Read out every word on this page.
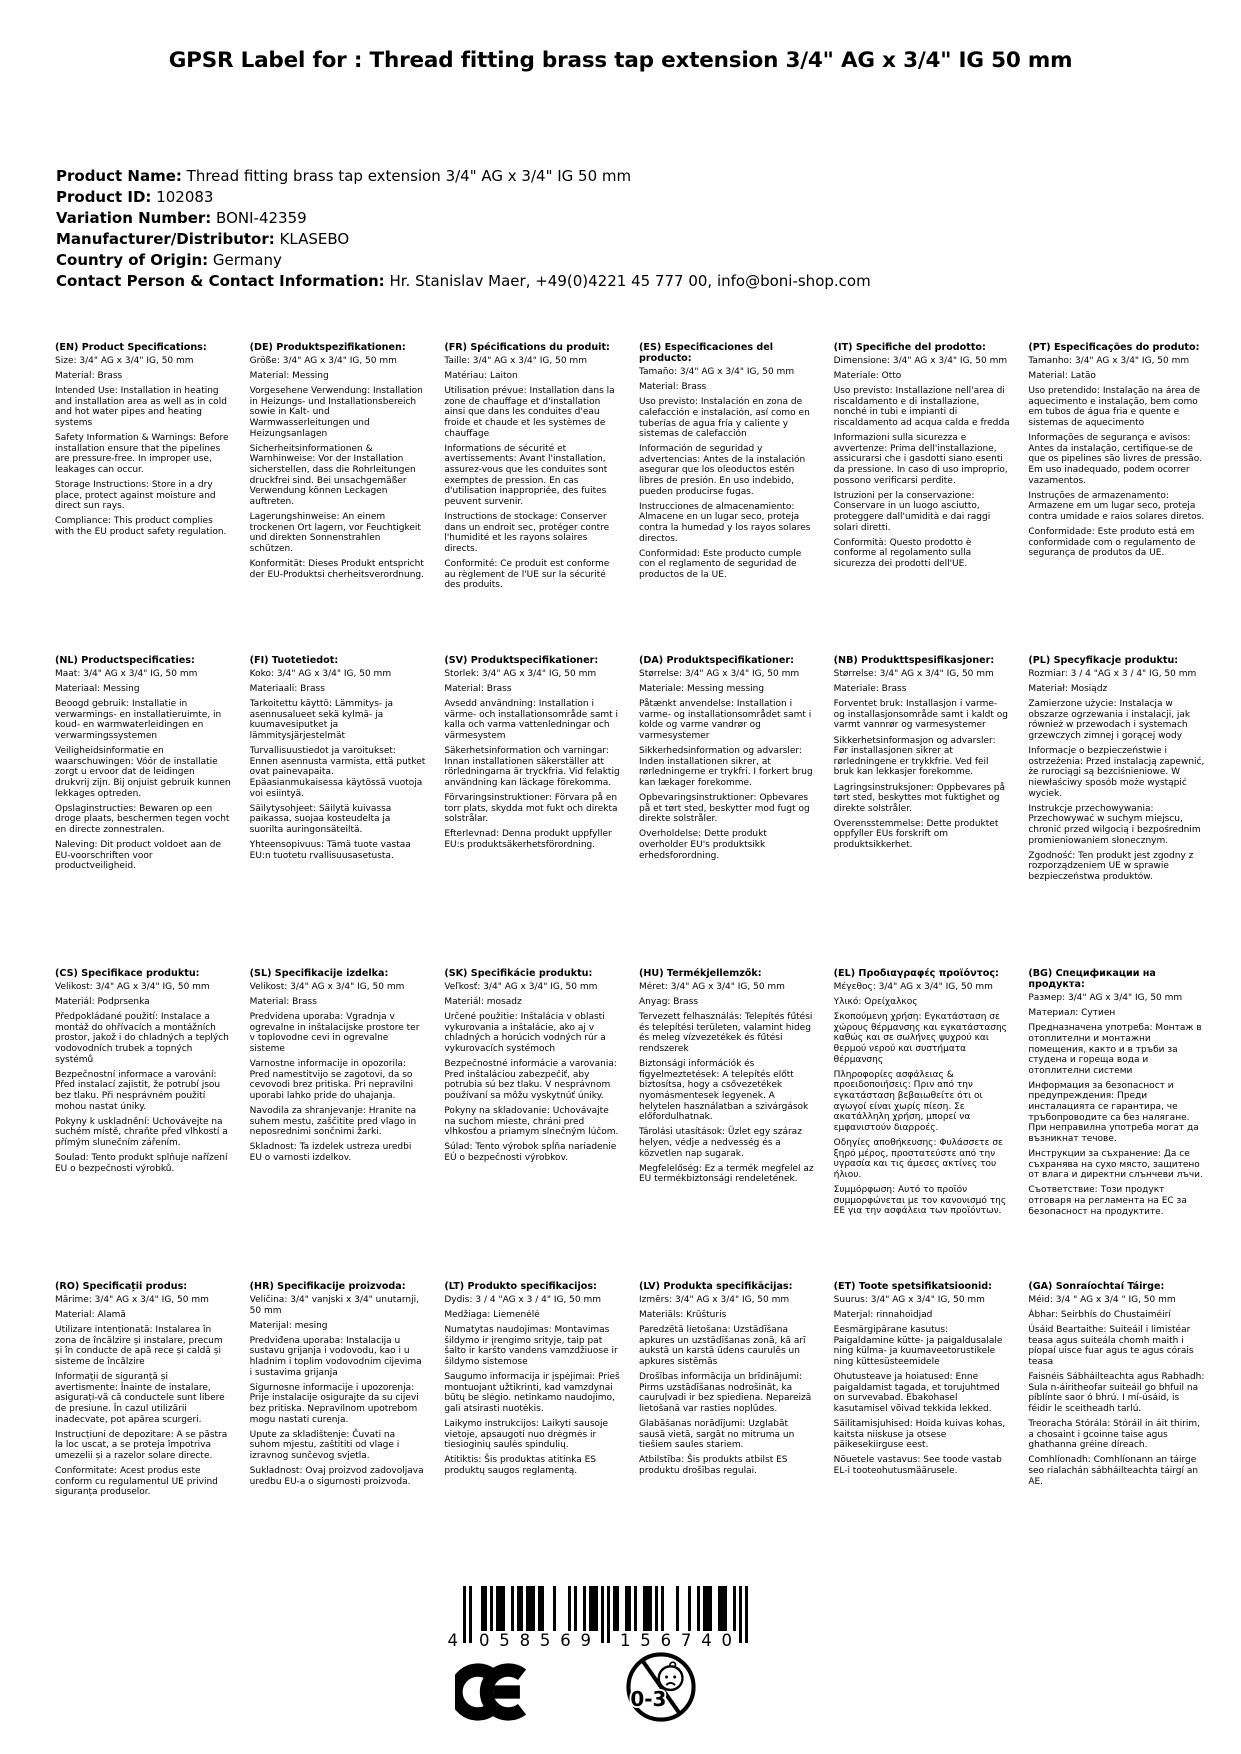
GPSR Label for : Thread fitting brass tap extension 3/4" AG x 3/4" IG 50 mm
Product Name: Thread fitting brass tap extension 3/4" AG x 3/4" IG 50 mm
Product ID: 102083
Variation Number: BONI-42359
Manufacturer/Distributor: KLASEBO
Country of Origin: Germany
Contact Person & Contact Information: Hr. Stanislav Maer, +49(0)4221 45 777 00, info@boni-shop.com
(EN) Product Specifications:

Size: 3/4" AG x 3/4" IG, 50 mm

Material: Brass

Intended Use: Installation in heating and installation area as well as in cold and hot water pipes and heating systems

Safety Information & Warnings: Before installation ensure that the pipelines are pressure-free. In improper use, leakages can occur.

Storage Instructions: Store in a dry place, protect against moisture and direct sun rays.

Compliance: This product complies with the EU product safety regulation.

(DE) Produktspezifikationen:

Größe: 3/4" AG x 3/4" IG, 50 mm

Material: Messing

Vorgesehene Verwendung: Installation in Heizungs- und Installationsbereich sowie in Kalt- und Warmwasserleitungen und Heizungsanlagen

Sicherheitsinformationen & Warnhinweise: Vor der Installation sicherstellen, dass die Rohrleitungen druckfrei sind. Bei unsachgemäßer Verwendung können Leckagen auftreten.

Lagerungshinweise: An einem trockenen Ort lagern, vor Feuchtigkeit und direkten Sonnenstrahlen schützen.

Konformität: Dieses Produkt entspricht der EU-Produktsi cherheitsverordnung.

(FR) Spécifications du produit:

Taille: 3/4" AG x 3/4" IG, 50 mm

Matériau: Laiton

Utilisation prévue: Installation dans la zone de chauffage et d'installation ainsi que dans les conduites d'eau froide et chaude et les systèmes de chauffage

Informations de sécurité et avertissements: Avant l'installation, assurez-vous que les conduites sont exemptes de pression. En cas d'utilisation inappropriée, des fuites peuvent survenir.

Instructions de stockage: Conserver dans un endroit sec, protéger contre l'humidité et les rayons solaires directs.

Conformité: Ce produit est conforme au règlement de l'UE sur la sécurité des produits.

(ES) Especificaciones del producto:

Tamaño: 3/4" AG x 3/4" IG, 50 mm

Material: Brass

Uso previsto: Instalación en zona de calefacción e instalación, así como en tuberías de agua fría y caliente y sistemas de calefacción

Información de seguridad y advertencias: Antes de la instalación asegurar que los oleoductos estén libres de presión. En uso indebido, pueden producirse fugas.

Instrucciones de almacenamiento: Almacene en un lugar seco, proteja contra la humedad y los rayos solares directos.

Conformidad: Este producto cumple con el reglamento de seguridad de productos de la UE.

(IT) Specifiche del prodotto:

Dimensione: 3/4" AG x 3/4" IG, 50 mm

Materiale: Otto

Uso previsto: Installazione nell'area di riscaldamento e di installazione, nonché in tubi e impianti di riscaldamento ad acqua calda e fredda

Informazioni sulla sicurezza e avvertenze: Prima dell'installazione, assicurarsi che i gasdotti siano esenti da pressione. In caso di uso improprio, possono verificarsi perdite.

Istruzioni per la conservazione: Conservare in un luogo asciutto, proteggere dall'umidità e dai raggi solari diretti.

Conformità: Questo prodotto è conforme al regolamento sulla sicurezza dei prodotti dell'UE.

(PT) Especificações do produto:

Tamanho: 3/4" AG x 3/4" IG, 50 mm

Material: Latão

Uso pretendido: Instalação na área de aquecimento e instalação, bem como em tubos de água fria e quente e sistemas de aquecimento

Informações de segurança e avisos: Antes da instalação, certifique-se de que os pipelines são livres de pressão. Em uso inadequado, podem ocorrer vazamentos.

Instruções de armazenamento: Armazene em um lugar seco, proteja contra umidade e raios solares diretos.

Conformidade: Este produto está em conformidade com o regulamento de segurança de produtos da UE.

(NL) Productspecificaties:

Maat: 3/4" AG x 3/4" IG, 50 mm

Materiaal: Messing

Beoogd gebruik: Installatie in verwarmings- en installatieruimte, in koud- en warmwaterleidingen en verwarmingssystemen

Veiligheidsinformatie en waarschuwingen: Vóór de installatie zorgt u ervoor dat de leidingen drukvrij zijn. Bij onjuist gebruik kunnen lekkages optreden.

Opslaginstructies: Bewaren op een droge plaats, beschermen tegen vocht en directe zonnestralen.

Naleving: Dit product voldoet aan de EU-voorschriften voor productveiligheid.

(FI) Tuotetiedot:

Koko: 3/4" AG x 3/4" IG, 50 mm

Materiaali: Brass

Tarkoitettu käyttö: Lämmitys- ja asennusalueet sekä kylmä- ja kuumavesiputket ja lämmitysjärjestelmät

Turvallisuustiedot ja varoitukset: Ennen asennusta varmista, että putket ovat painevapaita. Epäasianmukaisessa käytössä vuotoja voi esiintyä.

Säilytysohjeet: Säilytä kuivassa paikassa, suojaa kosteudelta ja suorilta auringonsäteiltä.

Yhteensopivuus: Tämä tuote vastaa EU:n tuotetu rvallisuusasetusta.

(SV) Produktspecifikationer:

Storlek: 3/4" AG x 3/4" IG, 50 mm

Material: Brass

Avsedd användning: Installation i värme- och installationsområde samt i kalla och varma vattenledningar och värmesystem

Säkerhetsinformation och varningar: Innan installationen säkerställer att rörledningarna är tryckfria. Vid felaktig användning kan läckage förekomma.

Förvaringsinstruktioner: Förvara på en torr plats, skydda mot fukt och direkta solstrålar.

Efterlevnad: Denna produkt uppfyller EU:s produktsäkerhetsförordning.

(DA) Produktspecifikationer:

Størrelse: 3/4" AG x 3/4" IG, 50 mm

Materiale: Messing messing

Påtænkt anvendelse: Installation i varme- og installationsområdet samt i kolde og varme vandrør og varmesystemer

Sikkerhedsinformation og advarsler: Inden installationen sikrer, at rørledningerne er trykfri. I forkert brug kan lækager forekomme.

Opbevaringsinstruktioner: Opbevares på et tørt sted, beskytter mod fugt og direkte solstråler.

Overholdelse: Dette produkt overholder EU's produktsikk erhedsforordning.

(NB) Produkttspesifikasjoner:

Størrelse: 3/4" AG x 3/4" IG, 50 mm

Materiale: Brass

Forventet bruk: Installasjon i varme- og installasjonsområde samt i kaldt og varmt vannrør og varmesystemer

Sikkerhetsinformasjon og advarsler: Før installasjonen sikrer at rørledningene er trykkfrie. Ved feil bruk kan lekkasjer forekomme.

Lagringsinstruksjoner: Oppbevares på tørt sted, beskyttes mot fuktighet og direkte solstråler.

Overensstemmelse: Dette produktet oppfyller EUs forskrift om produktsikkerhet.

(PL) Specyfikacje produktu:

Rozmiar: 3 / 4 "AG x 3 / 4" IG, 50 mm

Materiał: Mosiądz

Zamierzone użycie: Instalacja w obszarze ogrzewania i instalacji, jak również w przewodach i systemach grzewczych zimnej i gorącej wody

Informacje o bezpieczeństwie i ostrzeżenia: Przed instalacją zapewnić, że rurociągi są bezciśnieniowe. W niewłaściwy sposób może wystąpić wyciek.

Instrukcje przechowywania: Przechowywać w suchym miejscu, chronić przed wilgocią i bezpośrednim promieniowaniem słonecznym.

Zgodność: Ten produkt jest zgodny z rozporządzeniem UE w sprawie bezpieczeństwa produktów.

(CS) Specifikace produktu:

Velikost: 3/4" AG x 3/4" IG, 50 mm

Materiál: Podprsenka

Předpokládané použití: Instalace a montáž do ohřívacích a montážních prostor, jakož i do chladných a teplých vodovodních trubek a topných systémů

Bezpečnostní informace a varování: Před instalací zajistit, že potrubí jsou bez tlaku. Při nesprávném použití mohou nastat úniky.

Pokyny k uskladnění: Uchovávejte na suchém místě, chraňte před vlhkostí a přímým slunečním zářením.

Soulad: Tento produkt splňuje nařízení EU o bezpečnosti výrobků.

(SL) Specifikacije izdelka:

Velikost: 3/4" AG x 3/4" IG, 50 mm

Material: Brass

Predvidena uporaba: Vgradnja v ogrevalne in inštalacijske prostore ter v toplovodne cevi in ogrevalne sisteme

Varnostne informacije in opozorila: Pred namestitvijo se zagotovi, da so cevovodi brez pritiska. Pri nepravilni uporabi lahko pride do uhajanja.

Navodila za shranjevanje: Hranite na suhem mestu, zaščitite pred vlago in neposrednimi sončnimi žarki.

Skladnost: Ta izdelek ustreza uredbi EU o varnosti izdelkov.

(SK) Špecifikácie produktu:

Veľkosť: 3/4" AG x 3/4" IG, 50 mm

Materiál: mosadz

Určené použitie: Inštalácia v oblasti vykurovania a inštalácie, ako aj v chladných a horúcich vodných rúr a vykurovacích systémoch

Bezpečnostné informácie a varovania: Pred inštaláciou zabezpečiť, aby potrubia sú bez tlaku. V nesprávnom používaní sa môžu vyskytnúť úniky.

Pokyny na skladovanie: Uchovávajte na suchom mieste, chráni pred vlhkosťou a priamym slnečným lúčom.

Súlad: Tento výrobok spĺňa nariadenie EÚ o bezpečnosti výrobkov.

(HU) Termékjellemzők:

Méret: 3/4" AG x 3/4" IG, 50 mm

Anyag: Brass

Tervezett felhasználás: Telepítés fűtési és telepítési területen, valamint hideg és meleg vízvezetékek és fűtési rendszerek

Biztonsági információk és figyelmeztetések: A telepítés előtt biztosítsa, hogy a csővezetékek nyomásmentesek legyenek. A helytelen használatban a szivárgások előfordulhatnak.

Tárolási utasítások: Üzlet egy száraz helyen, védje a nedvesség és a közvetlen nap sugarak.

Megfelelőség: Ez a termék megfelel az EU termékbiztonsági rendeletének.

(EL) Προδιαγραφές προϊόντος:

Μέγεθος: 3/4" AG x 3/4" IG, 50 mm

Υλικό: Ορείχαλκος

Σκοπούμενη χρήση: Εγκατάσταση σε χώρους θέρμανσης και εγκατάστασης καθώς και σε σωλήνες ψυχρού και θερμού νερού και συστήματα θέρμανσης

Πληροφορίες ασφάλειας & προειδοποιήσεις: Πριν από την εγκατάσταση βεβαιωθείτε ότι οι αγωγοί είναι χωρίς πίεση. Σε ακατάλληλη χρήση, μπορεί να εμφανιστούν διαρροές.

Οδηγίες αποθήκευσης: Φυλάσσετε σε ξηρό μέρος, προστατεύστε από την υγρασία και τις άμεσες ακτίνες του ήλιου.

Συμμόρφωση: Αυτό το προϊόν συμμορφώνεται με τον κανονισμό της ΕΕ για την ασφάλεια των προϊόντων.

(BG) Спецификации на продукта:

Размер: 3/4" AG x 3/4" IG, 50 mm

Материал: Сутиен

Предназначена употреба: Монтаж в отоплителни и монтажни помещения, както и в тръби за студена и гореща вода и отоплителни системи

Информация за безопасност и предупреждения: Преди инсталацията се гарантира, че тръбопроводите са без налягане. При неправилна употреба могат да възникнат течове.

Инструкции за съхранение: Да се съхранява на сухо място, защитено от влага и директни слънчеви лъчи.

Съответствие: Този продукт отговаря на регламента на ЕС за безопасност на продуктите.

(RO) Specificații produs:

Mărime: 3/4" AG x 3/4" IG, 50 mm

Material: Alamă

Utilizare intenționată: Instalarea în zona de încălzire și instalare, precum și în conducte de apă rece și caldă și sisteme de încălzire

Informații de siguranță și avertismente: Înainte de instalare, asigurați-vă că conductele sunt libere de presiune. În cazul utilizării inadecvate, pot apărea scurgeri.

Instrucțiuni de depozitare: A se păstra la loc uscat, a se proteja împotriva umezelii și a razelor solare directe.

Conformitate: Acest produs este conform cu regulamentul UE privind siguranța produselor.

(HR) Specifikacije proizvoda:

Veličina: 3/4" vanjski x 3/4" unutarnji, 50 mm

Materijal: mesing

Predviđena uporaba: Instalacija u sustavu grijanja i vodovodu, kao i u hladnim i toplim vodovodnim cijevima i sustavima grijanja

Sigurnosne informacije i upozorenja: Prije instalacije osigurajte da su cijevi bez pritiska. Nepravilnom upotrebom mogu nastati curenja.

Upute za skladištenje: Čuvati na suhom mjestu, zaštititi od vlage i izravnog sunčevog svjetla.

Sukladnost: Ovaj proizvod zadovoljava uredbu EU-a o sigurnosti proizvoda.

(LT) Produkto specifikacijos:

Dydis: 3 / 4 "AG x 3 / 4" IG, 50 mm

Medžiaga: Liemenėlė

Numatytas naudojimas: Montavimas šildymo ir įrengimo srityje, taip pat šalto ir karšto vandens vamzdžiuose ir šildymo sistemose

Saugumo informacija ir įspėjimai: Prieš montuojant užtikrinti, kad vamzdynai būtų be slėgio. netinkamo naudojimo, gali atsirasti nuotėkis.

Laikymo instrukcijos: Laikyti sausoje vietoje, apsaugoti nuo drėgmės ir tiesioginių saulės spindulių.

Atitiktis: Šis produktas atitinka ES produktų saugos reglamentą.

(LV) Produkta specifikācijas:

Izmērs: 3/4" AG x 3/4" IG, 50 mm

Materiāls: Krūšturis

Paredzētā lietošana: Uzstādīšana apkures un uzstādīšanas zonā, kā arī aukstā un karstā ūdens caurulēs un apkures sistēmās

Drošības informācija un brīdinājumi: Pirms uzstādīšanas nodrošināt, ka cauruļvadi ir bez spiediena. Nepareizā lietošanā var rasties noplūdes.

Glabāšanas norādījumi: Uzglabāt sausā vietā, sargāt no mitruma un tiešiem saules stariem.

Atbilstība: Šis produkts atbilst ES produktu drošības regulai.

(ET) Toote spetsifikatsioonid:

Suurus: 3/4" AG x 3/4" IG, 50 mm

Materjal: rinnahoidjad

Eesmärgipärane kasutus: Paigaldamine kütte- ja paigaldusalale ning külma- ja kuumaveetorustikele ning küttesüsteemidele

Ohutusteave ja hoiatused: Enne paigaldamist tagada, et torujuhtmed on survevabad. Ebakohasel kasutamisel võivad tekkida lekked.

Säilitamisjuhised: Hoida kuivas kohas, kaitsta niiskuse ja otsese päikesekiirguse eest.

Nõuetele vastavus: See toode vastab EL-i tooteohutusmäärusele.

(GA) Sonraíochtaí Táirge:

Méid: 3/4 " AG x 3/4 " IG, 50 mm

Ábhar: Seirbhís do Chustaiméirí

Úsáid Beartaithe: Suiteáil i limistéar teasa agus suiteála chomh maith i píopaí uisce fuar agus te agus córais teasa

Faisnéis Sábháilteachta agus Rabhadh: Sula n-áiritheofar suiteáil go bhfuil na píblínte saor ó bhrú. I mí-úsáid, is féidir le sceitheadh tarlú.

Treoracha Stórála: Stóráil in áit thirim, a chosaint i gcoinne taise agus ghathanna gréine díreach.

Comhlíonadh: Comhlíonann an táirge seo rialachán sábháilteachta táirgí an AE.

4 058569 156740
0-3
